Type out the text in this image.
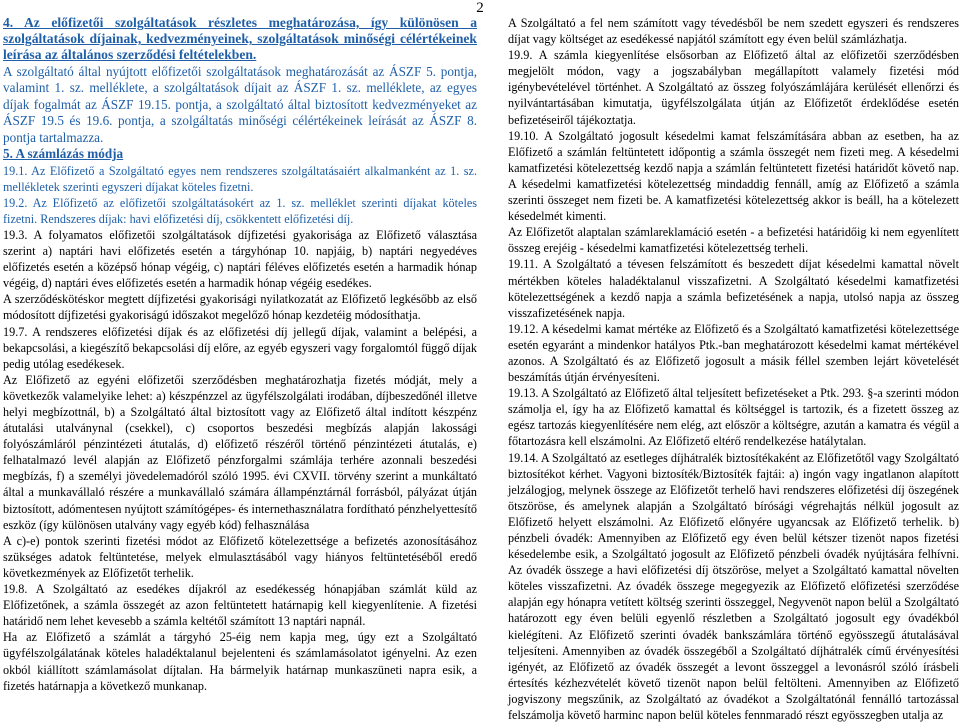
2

4. Az előfizetői szolgáltatások részletes meghatározása, így különösen a szolgáltatások díjainak, kedvezményeinek, szolgáltatások minőségi célértékeinek leírása az általános szerződési feltételekben.

A szolgáltató által nyújtott előfizetői szolgáltatások meghatározását az ÁSZF 5. pontja, valamint 1. sz. melléklete, a szolgáltatások díjait az ÁSZF 1. sz. melléklete, az egyes díjak fogalmát az ÁSZF 19.15. pontja, a szolgáltató által biztosított kedvezményeket az ÁSZF 19.5 és 19.6. pontja, a szolgáltatás minőségi célértékeinek leírását az ÁSZF 8. pontja tartalmazza.

5. A számlázás módja

19.1. Az Előfizető a Szolgáltató egyes nem rendszeres szolgáltatásaiért alkalmanként az 1. sz. mellékletek szerinti egyszeri díjakat köteles fizetni.

19.2. Az Előfizető az előfizetői szolgáltatásokért az 1. sz. melléklet szerinti díjakat köteles fizetni. Rendszeres díjak: havi előfizetési díj, csökkentett előfizetési díj.

19.3. A folyamatos előfizetői szolgáltatások díjfizetési gyakorisága az Előfizető választása szerint a) naptári havi előfizetés esetén a tárgyhónap 10. napjáig, b) naptári negyedéves előfizetés esetén a középső hónap végéig, c) naptári féléves előfizetés esetén a harmadik hónap végéig, d) naptári éves előfizetés esetén a harmadik hónap végéig esedékes.

A szerződéskötéskor megtett díjfizetési gyakorisági nyilatkozatát az Előfizető legkésőbb az első módosított díjfizetési gyakoriságú időszakot megelőző hónap kezdetéig módosíthatja.

19.7. A rendszeres előfizetési díjak és az előfizetési díj jellegű díjak, valamint a belépési, a bekapcsolási, a kiegészítő bekapcsolási díj előre, az egyéb egyszeri vagy forgalomtól függő díjak pedig utólag esedékesek.

Az Előfizető az egyéni előfizetői szerződésben meghatározhatja fizetés módját, mely a következők valamelyike lehet: a) készpénzzel az ügyfélszolgálati irodában, díjbeszedőnél illetve helyi megbízottnál, b) a Szolgáltató által biztosított vagy az Előfizető által indított készpénz átutalási utalványnal (csekkel), c) csoportos beszedési megbízás alapján lakossági folyószámláról pénzintézeti átutalás, d) előfizető részéről történő pénzintézeti átutalás, e) felhatalmazó levél alapján az Előfizető pénzforgalmi számlája terhére azonnali beszedési megbízás, f) a személyi jövedelemadóról szóló 1995. évi CXVII. törvény szerint a munkáltató által a munkavállaló részére a munkavállaló számára állampénztárnál forrásból, pályázat útján biztosított, adómentesen nyújtott számítógépes- és internethasználatra fordítható pénzhelyettesítő eszköz (így különösen utalvány vagy egyéb kód) felhasználása

A c)-e) pontok szerinti fizetési módot az Előfizető kötelezettsége a befizetés azonosításához szükséges adatok feltüntetése, melyek elmulasztásából vagy hiányos feltüntetéséből eredő következmények az Előfizetőt terhelik.

19.8. A Szolgáltató az esedékes díjakról az esedékesség hónapjában számlát küld az Előfizetőnek, a számla összegét az azon feltüntetett határnapig kell kiegyenlítenie. A fizetési határidő nem lehet kevesebb a számla keltétől számított 13 naptári napnál.

Ha az Előfizető a számlát a tárgyhó 25-éig nem kapja meg, úgy ezt a Szolgáltató ügyfélszolgálatának köteles haladéktalanul bejelenteni és számlamásolatot igényelni. Az ezen okból kiállított számlamásolat díjtalan. Ha bármelyik határnap munkaszüneti napra esik, a fizetés határnapja a következő munkanap.

A Szolgáltató a fel nem számított vagy tévedésből be nem szedett egyszeri és rendszeres díjat vagy költséget az esedékessé napjától számított egy éven belül számlázhatja.

19.9. A számla kiegyenlítése elsősorban az Előfizető által az előfizetői szerződésben megjelölt módon, vagy a jogszabályban megállapított valamely fizetési mód igénybevételével történhet. A Szolgáltató az összeg folyószámlájára kerülését ellenőrzi és nyilvántartásában kimutatja, ügyfélszolgálata útján az Előfizetőt érdeklődése esetén befizetéseiről tájékoztatja.

19.10. A Szolgáltató jogosult késedelmi kamat felszámítására abban az esetben, ha az Előfizető a számlán feltüntetett időpontig a számla összegét nem fizeti meg. A késedelmi kamatfizetési kötelezettség kezdő napja a számlán feltüntetett fizetési határidőt követő nap. A késedelmi kamatfizetési kötelezettség mindaddig fennáll, amíg az Előfizető a számla szerinti összeget nem fizeti be. A kamatfizetési kötelezettség akkor is beáll, ha a kötelezett késedelmét kimenti.

Az Előfizetőt alaptalan számlareklamáció esetén - a befizetési határidőig ki nem egyenlített összeg erejéig - késedelmi kamatfizetési kötelezettség terheli.

19.11. A Szolgáltató a tévesen felszámított és beszedett díjat késedelmi kamattal növelt mértékben köteles haladéktalanul visszafizetni. A Szolgáltató késedelmi kamatfizetési kötelezettségének a kezdő napja a számla befizetésének a napja, utolsó napja az összeg visszafizetésének napja.

19.12. A késedelmi kamat mértéke az Előfizető és a Szolgáltató kamatfizetési kötelezettsége esetén egyaránt a mindenkor hatályos Ptk.-ban meghatározott késedelmi kamat mértékével azonos. A Szolgáltató és az Előfizető jogosult a másik féllel szemben lejárt követelését beszámítás útján érvényesíteni.

19.13. A Szolgáltató az Előfizető által teljesített befizetéseket a Ptk. 293. §-a szerinti módon számolja el, így ha az Előfizető kamattal és költséggel is tartozik, és a fizetett összeg az egész tartozás kiegyenlítésére nem elég, azt először a költségre, azután a kamatra és végül a főtartozásra kell elszámolni. Az Előfizető eltérő rendelkezése hatálytalan.

19.14. A Szolgáltató az esetleges díjhátralék biztosítékaként az Előfizetőtől vagy Szolgáltató biztosítékot kérhet. Vagyoni biztosíték/Biztosíték fajtái: a) ingón vagy ingatlanon alapított jelzálogjog, melynek összege az Előfizetőt terhelő havi rendszeres előfizetési díj öszegének ötszöröse, és amelynek alapján a Szolgáltató bírósági végrehajtás nélkül jogosult az Előfizető helyett elszámolni. Az Előfizető előnyére ugyancsak az Előfizető terhelik. b) pénzbeli óvadék: Amennyiben az Előfizető egy éven belül kétszer tizenöt napos fizetési késedelembe esik, a Szolgáltató jogosult az Előfizető pénzbeli óvadék nyújtására felhívni. Az óvadék összege a havi előfizetési díj ötszöröse, melyet a Szolgáltató kamattal növelten köteles visszafizetni. Az óvadék összege megegyezik az Előfizető előfizetési szerződése alapján egy hónapra vetített költség szerinti összeggel, Negyvenöt napon belül a Szolgáltató határozott egy éven belüli egyenlő részletben a Szolgáltató jogosult egy óvadékból kielégíteni. Az Előfizető szerinti óvadék bankszámlára történő egyösszegű átutalásával teljesíteni. Amennyiben az óvadék összegéből a Szolgáltató díjhátralék című érvényesítési igényét, az Előfizető az óvadék összegét a levont összeggel a levonásról szóló írásbeli értesítés kézhezvételét követő tizenöt napon belül feltölteni. Amennyiben az Előfizető jogviszony megszűnik, az Szolgáltató az óvadékot a Szolgáltatónál fennálló tartozással felszámolja követő harminc napon belül köteles fennmaradó részt egyösszegben utalja az
